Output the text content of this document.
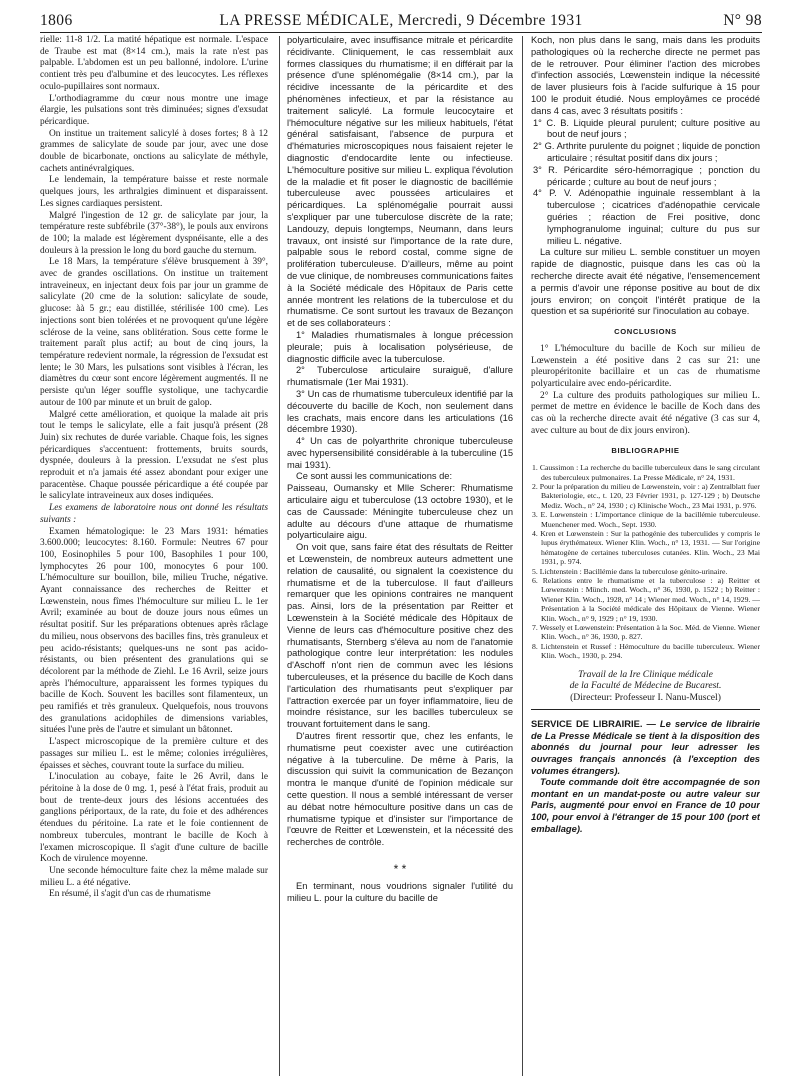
1806	LA PRESSE MÉDICALE, Mercredi, 9 Décembre 1931	N° 98

rielle: 11-8 1/2. La matité hépatique est normale. L'espace de Traube est mat (8×14 cm.), mais la rate n'est pas palpable. L'abdomen est un peu ballonné, indolore. L'urine contient très peu d'albumine et des leucocytes. Les réflexes oculo-pupillaires sont normaux.

L'orthodiagramme du cœur nous montre une image élargie, les pulsations sont très diminuées; signes d'exsudat péricardique.

On institue un traitement salicylé à doses fortes; 8 à 12 grammes de salicylate de soude par jour, avec une dose double de bicarbonate, onctions au salicylate de méthyle, cachets antinévralgiques.

Le lendemain, la température baisse et reste normale quelques jours, les arthralgies diminuent et disparaissent. Les signes cardiaques persistent.

Malgré l'ingestion de 12 gr. de salicylate par jour, la température reste subfébrile (37°-38°), le pouls aux environs de 100; la malade est légèrement dyspnéisante, elle a des douleurs à la pression le long du bord gauche du sternum.

Le 18 Mars, la température s'élève brusquement à 39°, avec de grandes oscillations. On institue un traitement intraveineux, en injectant deux fois par jour un gramme de salicylate (20 cme de la solution: salicylate de soude, glucose: àà 5 gr.; eau distillée, stérilisée 100 cme). Les injections sont bien tolérées et ne provoquent qu'une légère sclérose de la veine, sans oblitération. Sous cette forme le traitement paraît plus actif; au bout de cinq jours, la température redevient normale, la régression de l'exsudat est lente; le 30 Mars, les pulsations sont visibles à l'écran, les diamètres du cœur sont encore légèrement augmentés. Il ne persiste qu'un léger souffle systolique, une tachycardie autour de 100 par minute et un bruit de galop.

Malgré cette amélioration, et quoique la malade ait pris tout le temps le salicylate, elle a fait jusqu'à présent (28 Juin) six rechutes de durée variable. Chaque fois, les signes péricardiques s'accentuent: frottements, bruits sourds, dyspnée, douleurs à la pression. L'exsudat ne s'est plus reproduit et n'a jamais été assez abondant pour exiger une paracentèse. Chaque poussée péricardique a été coupée par le salicylate intraveineux aux doses indiquées.

Les examens de laboratoire nous ont donné les résultats suivants :

Examen hématologique: le 23 Mars 1931: hématies 3.600.000; leucocytes: 8.160. Formule: Neutres 67 pour 100, Eosinophiles 5 pour 100, Basophiles 1 pour 100, lymphocytes 26 pour 100, monocytes 6 pour 100. L'hémoculture sur bouillon, bile, milieu Truche, négative. Ayant connaissance des recherches de Reitter et Lœwenstein, nous fîmes l'hémoculture sur milieu L. le 1er Avril; examinée au bout de douze jours nous eûmes un résultat positif. Sur les préparations obtenues après râclage du milieu, nous observons des bacilles fins, très granuleux et peu acido-résistants; quelques-uns ne sont pas acido-résistants, ou bien présentent des granulations qui se décolorent par la méthode de Ziehl. Le 16 Avril, seize jours après l'hémoculture, apparaissent les formes typiques du bacille de Koch. Souvent les bacilles sont filamenteux, un peu ramifiés et très granuleux. Quelquefois, nous trouvons des granulations acidophiles de dimensions variables, situées l'une près de l'autre et simulant un bâtonnet.

L'aspect microscopique de la première culture et des passages sur milieu L. est le même; colonies irrégulières, épaisses et sèches, couvrant toute la surface du milieu.

L'inoculation au cobaye, faite le 26 Avril, dans le péritoine à la dose de 0 mg. 1, pesé à l'état frais, produit au bout de trente-deux jours des lésions accentuées des ganglions périportaux, de la rate, du foie et des adhérences étendues du péritoine. La rate et le foie contiennent de nombreux tubercules, montrant le bacille de Koch à l'examen microscopique. Il s'agit d'une culture de bacille Koch de virulence moyenne.

Une seconde hémoculture faite chez la même malade sur milieu L. a été négative.

En résumé, il s'agit d'un cas de rhumatisme

polyarticulaire, avec insuffisance mitrale et péricardite récidivante. Cliniquement, le cas ressemblait aux formes classiques du rhumatisme; il en différait par la présence d'une splénomégalie (8×14 cm.), par la récidive incessante de la péricardite et des phénomènes infectieux, et par la résistance au traitement salicylé. La formule leucocytaire et l'hémoculture négative sur les milieux habituels, l'état général satisfaisant, l'absence de purpura et d'hématuries microscopiques nous faisaient rejeter le diagnostic d'endocardite lente ou infectieuse. L'hémoculture positive sur milieu L. expliqua l'évolution de la maladie et fit poser le diagnostic de bacillémie tuberculeuse avec poussées articulaires et péricardiques. La splénomégalie pourrait aussi s'expliquer par une tuberculose discrète de la rate; Landouzy, depuis longtemps, Neumann, dans leurs travaux, ont insisté sur l'importance de la rate dure, palpable sous le rebord costal, comme signe de prolifération tuberculeuse. D'ailleurs, même au point de vue clinique, de nombreuses communications faites à la Société médicale des Hôpitaux de Paris cette année montrent les relations de la tuberculose et du rhumatisme. Ce sont surtout les travaux de Bezançon et de ses collaborateurs :

1° Maladies rhumatismales à longue précession pleurale; puis à localisation polysérieuse, de diagnostic difficile avec la tuberculose.

2° Tuberculose articulaire suraiguë, d'allure rhumatismale (1er Mai 1931).

3° Un cas de rhumatisme tuberculeux identifié par la découverte du bacille de Koch, non seulement dans les crachats, mais encore dans les articulations (16 décembre 1930).

4° Un cas de polyarthrite chronique tuberculeuse avec hypersensibilité considérable à la tuberculine (15 mai 1931).

Ce sont aussi les communications de:

Paisseau, Oumansky et Mlle Scherer: Rhumatisme articulaire aigu et tuberculose (13 octobre 1930), et le cas de Caussade: Méningite tuberculeuse chez un adulte au décours d'une attaque de rhumatisme polyarticulaire aigu.

On voit que, sans faire état des résultats de Reitter et Lœwenstein, de nombreux auteurs admettent une relation de causalité, ou signalent la coexistence du rhumatisme et de la tuberculose. Il faut d'ailleurs remarquer que les opinions contraires ne manquent pas. Ainsi, lors de la présentation par Reitter et Lœwenstein à la Société médicale des Hôpitaux de Vienne de leurs cas d'hémoculture positive chez des rhumatisants, Sternberg s'éleva au nom de l'anatomie pathologique contre leur interprétation: les nodules d'Aschoff n'ont rien de commun avec les lésions tuberculeuses, et la présence du bacille de Koch dans l'articulation des rhumatisants peut s'expliquer par l'attraction exercée par un foyer inflammatoire, lieu de moindre résistance, sur les bacilles tuberculeux se trouvant fortuitement dans le sang.

D'autres firent ressortir que, chez les enfants, le rhumatisme peut coexister avec une cutiréaction négative à la tuberculine. De même à Paris, la discussion qui suivit la communication de Bezançon montra le manque d'unité de l'opinion médicale sur cette question. Il nous a semblé intéressant de verser au débat notre hémoculture positive dans un cas de rhumatisme typique et d'insister sur l'importance de l'œuvre de Reitter et Lœwenstein, et la nécessité des recherches de contrôle.

* *

En terminant, nous voudrions signaler l'utilité du milieu L. pour la culture du bacille de

Koch, non plus dans le sang, mais dans les produits pathologiques où la recherche directe ne permet pas de le retrouver. Pour éliminer l'action des microbes d'infection associés, Lœwenstein indique la nécessité de laver plusieurs fois à l'acide sulfurique à 15 pour 100 le produit étudié. Nous employâmes ce procédé dans 4 cas, avec 3 résultats positifs :

1° C. B. Liquide pleural purulent; culture positive au bout de neuf jours ;
2° G. Arthrite purulente du poignet ; liquide de ponction articulaire ; résultat positif dans dix jours ;
3° R. Péricardite séro-hémorragique ; ponction du péricarde ; culture au bout de neuf jours ;
4° P. V. Adénopathie inguinale ressemblant à la tuberculose ; cicatrices d'adénopathie cervicale guéries ; réaction de Frei positive, donc lymphogranulome inguinal; culture du pus sur milieu L. négative.

La culture sur milieu L. semble constituer un moyen rapide de diagnostic, puisque dans les cas où la recherche directe avait été négative, l'ensemencement a permis d'avoir une réponse positive au bout de dix jours environ; on conçoit l'intérêt pratique de la question et sa supériorité sur l'inoculation au cobaye.

CONCLUSIONS

1° L'hémoculture du bacille de Koch sur milieu de Lœwenstein a été positive dans 2 cas sur 21: une pleuropéritonite bacillaire et un cas de rhumatisme polyarticulaire avec endo-péricardite.

2° La culture des produits pathologiques sur milieu L. permet de mettre en évidence le bacille de Koch dans des cas où la recherche directe avait été négative (3 cas sur 4, avec culture au bout de dix jours environ).

BIBLIOGRAPHIE

1. Caussimon : La recherche du bacille tuberculeux dans le sang circulant des tuberculeux pulmonaires. La Presse Médicale, n° 24, 1931.

2. Pour la préparation du milieu de Lœwenstein, voir : a) Zentralblatt fuer Bakteriologie, etc., t. 120, 23 Février 1931, p. 127-129 ; b) Deutsche Mediz. Woch., n° 24, 1930 ; c) Klinische Woch., 23 Mai 1931, p. 976.

3. E. Lœwenstein : L'importance clinique de la bacillémie tuberculeuse. Muenchener med. Woch., Sept. 1930.

4. Kren et Lœwenstein : Sur la pathogénie des tuberculides y compris le lupus érythémateux. Wiener Klin. Woch., n° 13, 1931. — Sur l'origine hématogène de certaines tuberculoses cutanées. Klin. Woch., 23 Mai 1931, p. 974.

5. Lichtenstein : Bacillémie dans la tuberculose génito-urinaire.

6. Relations entre le rhumatisme et la tuberculose : a) Reitter et Lœwenstein : Münch. med. Woch., n° 36, 1930, p. 1522 ; b) Reitter : Wiener Klin. Woch., 1928, n° 14 ; Wiener med. Woch., n° 14, 1929. — Présentation à la Société médicale des Hôpitaux de Vienne. Wiener Klin. Woch., n° 9, 1929 ; n° 19, 1930.

7. Wessely et Lœwenstein: Présentation à la Soc. Méd. de Vienne. Wiener Klin. Woch., n° 36, 1930, p. 827.

8. Lichtenstein et Russef : Hémoculture du bacille tuberculeux. Wiener Klin. Woch., 1930, p. 294.

Travail de la Ire Clinique médicale
de la Faculté de Médecine de Bucarest.
(Directeur: Professeur I. Nanu-Muscel)

SERVICE DE LIBRAIRIE. — Le service de librairie de La Presse Médicale se tient à la disposition des abonnés du journal pour leur adresser les ouvrages français annoncés (à l'exception des volumes étrangers).

Toute commande doit être accompagnée de son montant en un mandat-poste ou autre valeur sur Paris, augmenté pour envoi en France de 10 pour 100, pour envoi à l'étranger de 15 pour 100 (port et emballage).
